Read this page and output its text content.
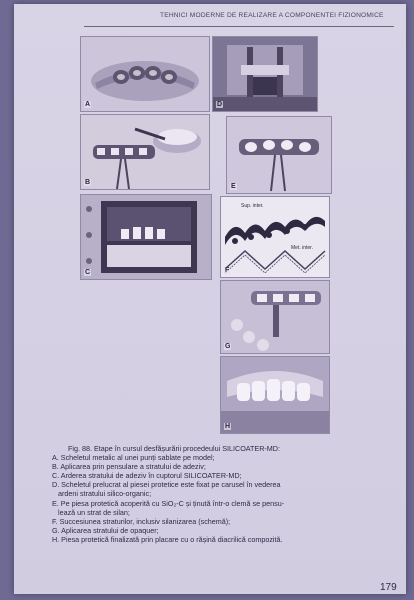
TEHNICI MODERNE DE REALIZARE A COMPONENTEI FIZIONOMICE
A	D
B
E
C
Sup. inter.
Met. inter.
F
G
H
Fig. 88. Etape în cursul desfășurării procedeului SILICOATER-MD:
A. Scheletul metalic al unei punți sablate pe model;
B. Aplicarea prin pensulare a stratului de adeziv;
C. Arderea stratului de adeziv în cuptorul SILICOATER-MD;
D. Scheletul prelucrat al piesei protetice este fixat pe carusel în vederea
ardeni stratului silico-organic;
E. Pe piesa protetică acoperită cu SiO₂-C și ținută într-o clemă se pensu-
lează un strat de silan;
F. Succesiunea straturilor, inclusiv silanizarea (schemă);
G. Aplicarea stratului de opaquer;
H. Piesa protetică finalizată prin placare cu o rășină diacrilică compozită.
179
